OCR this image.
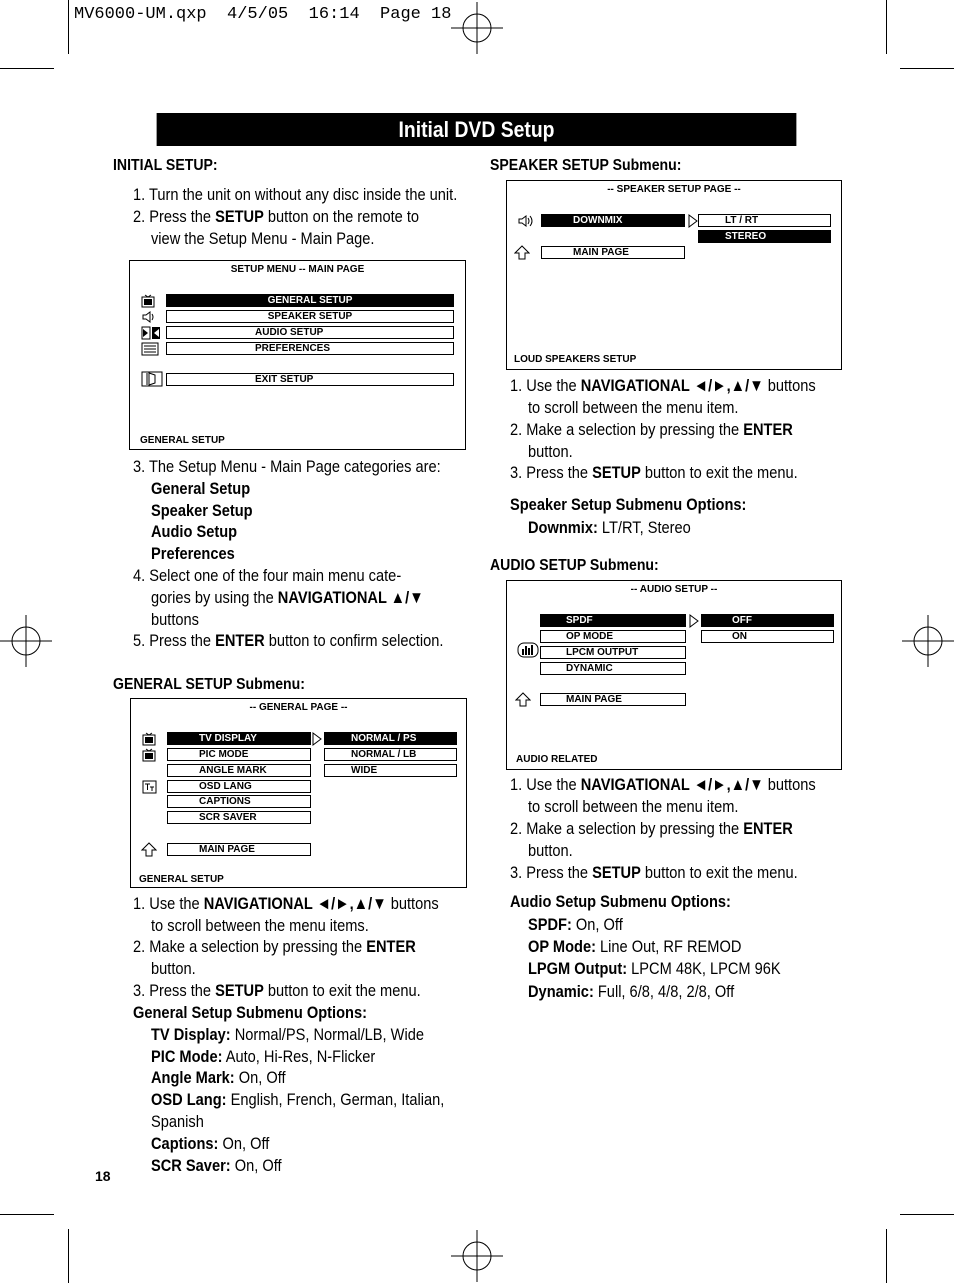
MV6000-UM.qxp  4/5/05  16:14  Page 18
Initial DVD Setup
INITIAL SETUP:
1. Turn the unit on without any disc inside the unit.
2. Press the SETUP button on the remote to
view the Setup Menu - Main Page.
SETUP MENU -- MAIN PAGE
GENERAL SETUP
SPEAKER SETUP
AUDIO SETUP
PREFERENCES
EXIT SETUP
GENERAL SETUP
3. The Setup Menu - Main Page categories are:
General Setup
Speaker Setup
Audio Setup
Preferences
4. Select one of the four main menu cate-
gories by using the NAVIGATIONAL ▲/▼
buttons
5. Press the ENTER button to confirm selection.
GENERAL SETUP Submenu:
-- GENERAL PAGE --
TV DISPLAY
PIC MODE
ANGLE MARK
OSD LANG
CAPTIONS
SCR SAVER
MAIN PAGE
NORMAL / PS
NORMAL / LB
WIDE
GENERAL SETUP
1. Use the NAVIGATIONAL ◄/►,▲/▼ buttons
to scroll between the menu items.
2. Make a selection by pressing the ENTER
button.
3. Press the SETUP button to exit the menu.
General Setup Submenu Options:
TV Display: Normal/PS, Normal/LB, Wide
PIC Mode: Auto, Hi-Res, N-Flicker
Angle Mark: On, Off
OSD Lang: English, French, German, Italian,
Spanish
Captions: On, Off
SCR Saver: On, Off
18
SPEAKER SETUP Submenu:
-- SPEAKER SETUP PAGE --
DOWNMIX
MAIN PAGE
LT / RT
STEREO
LOUD SPEAKERS SETUP
1. Use the NAVIGATIONAL ◄/►,▲/▼ buttons
to scroll between the menu item.
2. Make a selection by pressing the ENTER
button.
3. Press the SETUP button to exit the menu.
Speaker Setup Submenu Options:
Downmix: LT/RT, Stereo
AUDIO SETUP Submenu:
-- AUDIO SETUP --
SPDF
OP MODE
LPCM OUTPUT
DYNAMIC
MAIN PAGE
OFF
ON
AUDIO RELATED
1. Use the NAVIGATIONAL ◄/►,▲/▼ buttons
to scroll between the menu item.
2. Make a selection by pressing the ENTER
button.
3. Press the SETUP button to exit the menu.
Audio Setup Submenu Options:
SPDF: On, Off
OP Mode: Line Out, RF REMOD
LPGM Output: LPCM 48K, LPCM 96K
Dynamic: Full, 6/8, 4/8, 2/8, Off
